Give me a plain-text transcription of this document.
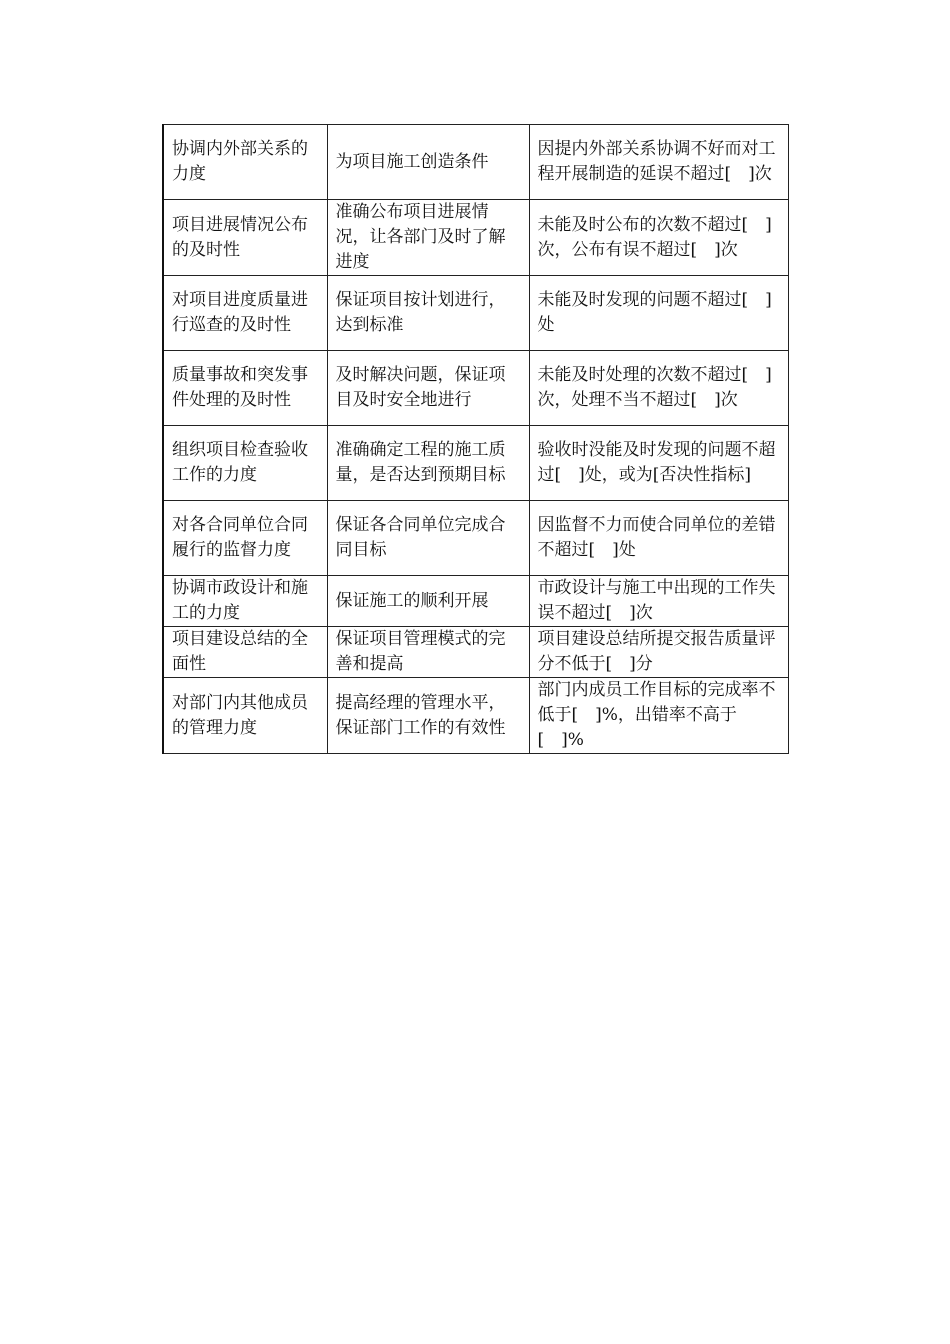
协调内外部关系的力度	为项目施工创造条件	因提内外部关系协调不好而对工程开展制造的延误不超过[　]次
项目进展情况公布的及时性	准确公布项目进展情况，让各部门及时了解进度	未能及时公布的次数不超过[　]次，公布有误不超过[　]次
对项目进度质量进行巡查的及时性	保证项目按计划进行，达到标准	未能及时发现的问题不超过[　]处
质量事故和突发事件处理的及时性	及时解决问题，保证项目及时安全地进行	未能及时处理的次数不超过[　]次，处理不当不超过[　]次
组织项目检查验收工作的力度	准确确定工程的施工质量，是否达到预期目标	验收时没能及时发现的问题不超过[　]处，或为[否决性指标]
对各合同单位合同履行的监督力度	保证各合同单位完成合同目标	因监督不力而使合同单位的差错不超过[　]处
协调市政设计和施工的力度	保证施工的顺利开展	市政设计与施工中出现的工作失误不超过[　]次
项目建设总结的全面性	保证项目管理模式的完善和提高	项目建设总结所提交报告质量评分不低于[　]分
对部门内其他成员的管理力度	提高经理的管理水平，保证部门工作的有效性	部门内成员工作目标的完成率不低于[　]%，出错率不高于[　]%
